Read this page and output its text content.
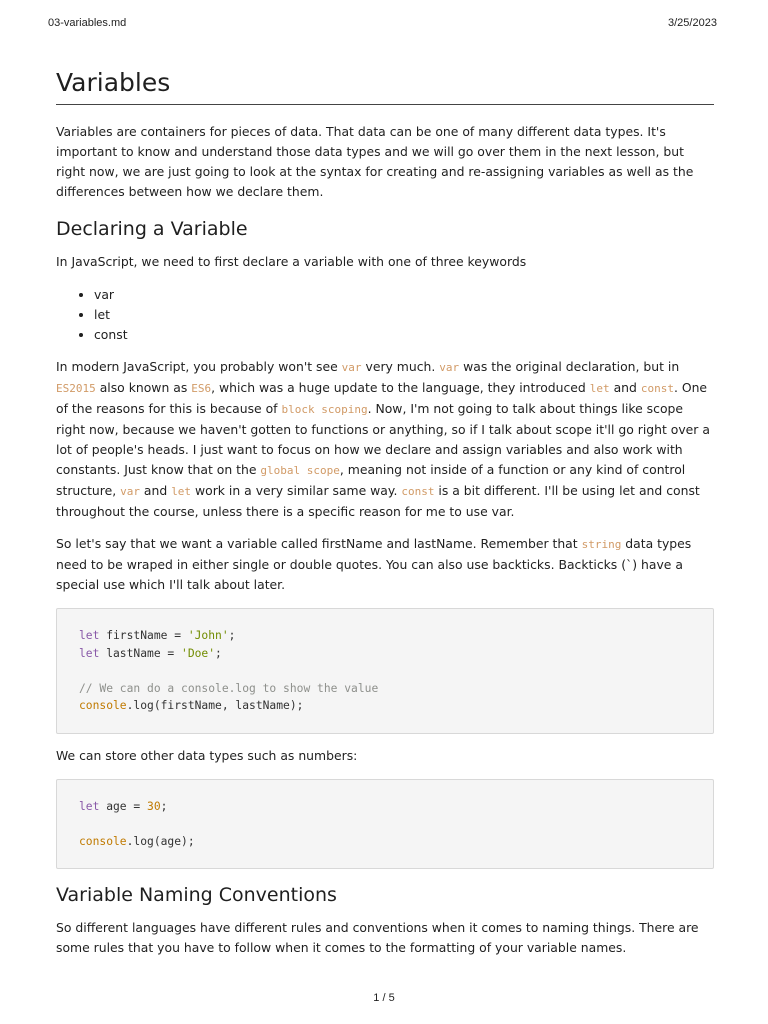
03-variables.md	3/25/2023
Variables

Variables are containers for pieces of data. That data can be one of many different data types. It's important to know and understand those data types and we will go over them in the next lesson, but right now, we are just going to look at the syntax for creating and re-assigning variables as well as the differences between how we declare them.

Declaring a Variable

In JavaScript, we need to first declare a variable with one of three keywords

• var
• let
• const

In modern JavaScript, you probably won't see var very much. var was the original declaration, but in ES2015 also known as ES6, which was a huge update to the language, they introduced let and const. One of the reasons for this is because of block scoping. Now, I'm not going to talk about things like scope right now, because we haven't gotten to functions or anything, so if I talk about scope it'll go right over a lot of people's heads. I just want to focus on how we declare and assign variables and also work with constants. Just know that on the global scope, meaning not inside of a function or any kind of control structure, var and let work in a very similar same way. const is a bit different. I'll be using let and const throughout the course, unless there is a specific reason for me to use var.

So let's say that we want a variable called firstName and lastName. Remember that string data types need to be wraped in either single or double quotes. You can also use backticks. Backticks (`) have a special use which I'll talk about later.

let firstName = 'John';
let lastName = 'Doe';
// We can do a console.log to show the value
console.log(firstName, lastName);

We can store other data types such as numbers:

let age = 30;
console.log(age);
Variable Naming Conventions

So different languages have different rules and conventions when it comes to naming things. There are some rules that you have to follow when it comes to the formatting of your variable names.

1 / 5
